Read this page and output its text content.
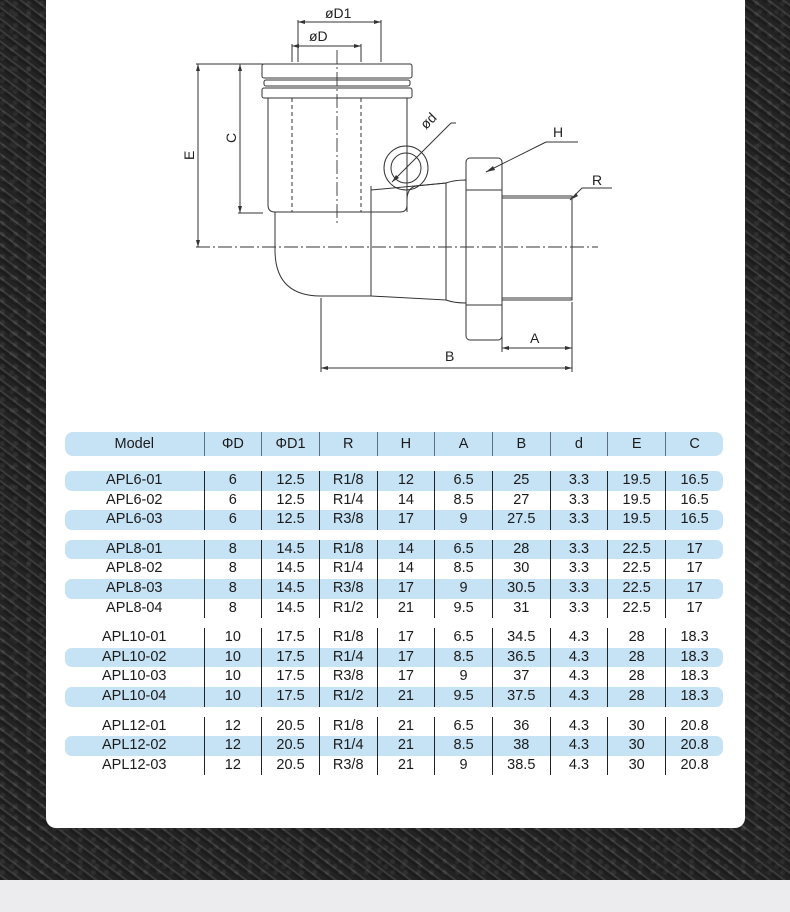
øD1
øD
E
C
ød	H
R
A
B
Model	ΦD	ΦD1	R	H	A	B	d	E	C

APL6-01	6	12.5	R1/8	12	6.5	25	3.3	19.5	16.5
APL6-02	6	12.5	R1/4	14	8.5	27	3.3	19.5	16.5
APL6-03	6	12.5	R3/8	17	9	27.5	3.3	19.5	16.5

APL8-01	8	14.5	R1/8	14	6.5	28	3.3	22.5	17
APL8-02	8	14.5	R1/4	14	8.5	30	3.3	22.5	17
APL8-03	8	14.5	R3/8	17	9	30.5	3.3	22.5	17
APL8-04	8	14.5	R1/2	21	9.5	31	3.3	22.5	17

APL10-01	10	17.5	R1/8	17	6.5	34.5	4.3	28	18.3
APL10-02	10	17.5	R1/4	17	8.5	36.5	4.3	28	18.3
APL10-03	10	17.5	R3/8	17	9	37	4.3	28	18.3
APL10-04	10	17.5	R1/2	21	9.5	37.5	4.3	28	18.3

APL12-01	12	20.5	R1/8	21	6.5	36	4.3	30	20.8
APL12-02	12	20.5	R1/4	21	8.5	38	4.3	30	20.8
APL12-03	12	20.5	R3/8	21	9	38.5	4.3	30	20.8
